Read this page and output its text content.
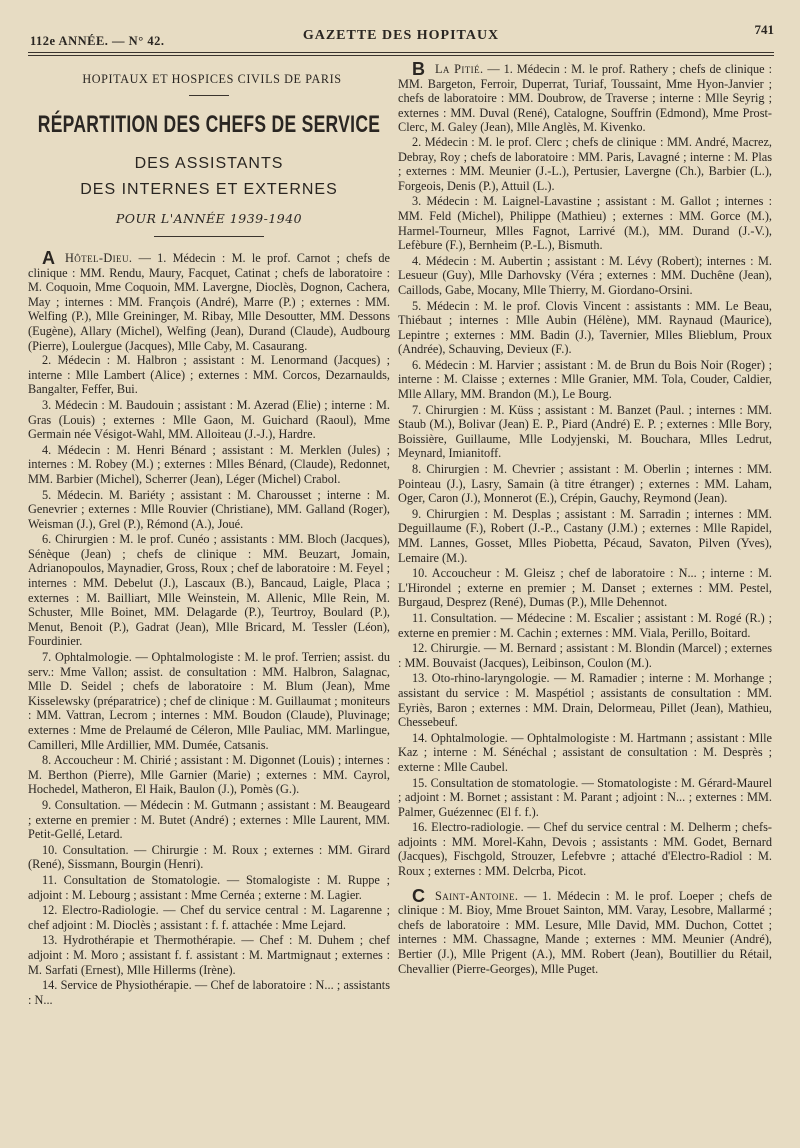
112e ANNÉE. — N° 42.	GAZETTE DES HOPITAUX	741
HOPITAUX ET HOSPICES CIVILS DE PARIS
RÉPARTITION DES CHEFS DE SERVICE
DES ASSISTANTS
DES INTERNES ET EXTERNES
POUR L'ANNÉE 1939-1940

A Hôtel-Dieu. — 1. Médecin : M. le prof. Carnot ; chefs de clinique : MM. Rendu, Maury, Facquet, Catinat ; chefs de laboratoire : M. Coquoin, Mme Coquoin, MM. Lavergne, Dioclès, Dognon, Cachera, May ; internes : MM. François (André), Marre (P.) ; externes : MM. Welfing (P.), Mlle Greininger, M. Ribay, Mlle Desoutter, MM. Dessons (Eugène), Allary (Michel), Welfing (Jean), Durand (Claude), Audbourg (Pierre), Loulergue (Jacques), Mlle Caby, M. Casaurang.

2. Médecin : M. Halbron ; assistant : M. Lenormand (Jacques) ; interne : Mlle Lambert (Alice) ; externes : MM. Corcos, Dezarnaulds, Bangalter, Feffer, Bui.

3. Médecin : M. Baudouin ; assistant : M. Azerad (Elie) ; interne : M. Gras (Louis) ; externes : Mlle Gaon, M. Guichard (Raoul), Mme Germain née Vésigot-Wahl, MM. Alloiteau (J.-J.), Hardre.

4. Médecin : M. Henri Bénard ; assistant : M. Merklen (Jules) ; internes : M. Robey (M.) ; externes : Mlles Bénard, (Claude), Redonnet, MM. Barbier (Michel), Scherrer (Jean), Léger (Michel) Crabol.

5. Médecin. M. Bariéty ; assistant : M. Charousset ; interne : M. Genevrier ; externes : Mlle Rouvier (Christiane), MM. Galland (Roger), Weisman (J.), Grel (P.), Rémond (A.), Joué.

6. Chirurgien : M. le prof. Cunéo ; assistants : MM. Bloch (Jacques), Sénèque (Jean) ; chefs de clinique : MM. Beuzart, Jomain, Adrianopoulos, Maynadier, Gross, Roux ; chef de laboratoire : M. Feyel ; internes : MM. Debelut (J.), Lascaux (B.), Bancaud, Laigle, Placa ; externes : M. Bailliart, Mlle Weinstein, M. Allenic, Mlle Rein, M. Schuster, Mlle Boinet, MM. Delagarde (P.), Teurtroy, Boulard (P.), Menut, Benoit (P.), Gadrat (Jean), Mlle Bricard, M. Tessler (Léon), Fourdinier.

7. Ophtalmologie. — Ophtalmologiste : M. le prof. Terrien; assist. du serv.: Mme Vallon; assist. de consultation : MM. Halbron, Salagnac, Mlle D. Seidel ; chefs de laboratoire : M. Blum (Jean), Mme Kisselewsky (préparatrice) ; chef de clinique : M. Guillaumat ; moniteurs : MM. Vattran, Lecrom ; internes : MM. Boudon (Claude), Pluvinage; externes : Mme de Prelaumé de Céleron, Mlle Pauliac, MM. Marlingue, Camilleri, Mlle Ardillier, MM. Dumée, Catsanis.

8. Accoucheur : M. Chirié ; assistant : M. Digonnet (Louis) ; internes : M. Berthon (Pierre), Mlle Garnier (Marie) ; externes : MM. Cayrol, Hochedel, Matheron, El Haik, Baulon (J.), Pomès (G.).

9. Consultation. — Médecin : M. Gutmann ; assistant : M. Beaugeard ; externe en premier : M. Butet (André) ; externes : Mlle Laurent, MM. Petit-Gellé, Letard.

10. Consultation. — Chirurgie : M. Roux ; externes : MM. Girard (René), Sissmann, Bourgin (Henri).

11. Consultation de Stomatologie. — Stomalogiste : M. Ruppe ; adjoint : M. Lebourg ; assistant : Mme Cernéa ; externe : M. Lagier.

12. Electro-Radiologie. — Chef du service central : M. Lagarenne ; chef adjoint : M. Dioclès ; assistant : f. f. attachée : Mme Lejard.

13. Hydrothérapie et Thermothérapie. — Chef : M. Duhem ; chef adjoint : M. Moro ; assistant f. f. assistant : M. Martmignaut ; externes : M. Sarfati (Ernest), Mlle Hillerms (Irène).

14. Service de Physiothérapie. — Chef de laboratoire : N... ; assistants : N...

B La Pitié. — 1. Médecin : M. le prof. Rathery ; chefs de clinique : MM. Bargeton, Ferroir, Duperrat, Turiaf, Toussaint, Mme Hyon-Janvier ; chefs de laboratoire : MM. Doubrow, de Traverse ; interne : Mlle Seyrig ; externes : MM. Duval (René), Catalogne, Souffrin (Edmond), Mme Prost-Clerc, M. Galey (Jean), Mlle Anglès, M. Kivenko.

2. Médecin : M. le prof. Clerc ; chefs de clinique : MM. André, Macrez, Debray, Roy ; chefs de laboratoire : MM. Paris, Lavagné ; interne : M. Plas ; externes : MM. Meunier (J.-L.), Pertusier, Lavergne (Ch.), Barbier (L.), Forgeois, Denis (P.), Attuil (L.).

3. Médecin : M. Laignel-Lavastine ; assistant : M. Gallot ; internes : MM. Feld (Michel), Philippe (Mathieu) ; externes : MM. Gorce (M.), Harmel-Tourneur, Mlles Fagnot, Larrivé (M.), MM. Durand (J.-V.), Lefèbure (F.), Bernheim (P.-L.), Bismuth.

4. Médecin : M. Aubertin ; assistant : M. Lévy (Robert); internes : M. Lesueur (Guy), Mlle Darhovsky (Véra ; externes : MM. Duchêne (Jean), Caillods, Gabe, Mocany, Mlle Thierry, M. Giordano-Orsini.

5. Médecin : M. le prof. Clovis Vincent : assistants : MM. Le Beau, Thiébaut ; internes : Mlle Aubin (Hélène), MM. Raynaud (Maurice), Lepintre ; externes : MM. Badin (J.), Tavernier, Mlles Blieblum, Proux (Andrée), Schauving, Devieux (F.).

6. Médecin : M. Harvier ; assistant : M. de Brun du Bois Noir (Roger) ; interne : M. Claisse ; externes : Mlle Granier, MM. Tola, Couder, Caldier, Mlle Allary, MM. Brandon (M.), Le Bourg.

7. Chirurgien : M. Küss ; assistant : M. Banzet (Paul. ; internes : MM. Staub (M.), Bolivar (Jean) E. P., Piard (André) E. P. ; externes : Mlle Bory, Boissière, Guillaume, Mlle Lodyjenski, M. Bouchara, Mlles Ledrut, Meynard, Imianitoff.

8. Chirurgien : M. Chevrier ; assistant : M. Oberlin ; internes : MM. Pointeau (J.), Lasry, Samain (à titre étranger) ; externes : MM. Laham, Oger, Caron (J.), Monnerot (E.), Crépin, Gauchy, Reymond (Jean).

9. Chirurgien : M. Desplas ; assistant : M. Sarradin ; internes : MM. Deguillaume (F.), Robert (J.-P.., Castany (J.M.) ; externes : Mlle Rapidel, MM. Lannes, Gosset, Mlles Piobetta, Pécaud, Savaton, Pilven (Yves), Lemaire (M.).

10. Accoucheur : M. Gleisz ; chef de laboratoire : N... ; interne : M. L'Hirondel ; externe en premier ; M. Danset ; externes : MM. Pestel, Burgaud, Desprez (René), Dumas (P.), Mlle Dehennot.

11. Consultation. — Médecine : M. Escalier ; assistant : M. Rogé (R.) ; externe en premier : M. Cachin ; externes : MM. Viala, Perillo, Boitard.

12. Chirurgie. — M. Bernard ; assistant : M. Blondin (Marcel) ; externes : MM. Bouvaist (Jacques), Leibinson, Coulon (M.).

13. Oto-rhino-laryngologie. — M. Ramadier ; interne : M. Morhange ; assistant du service : M. Maspétiol ; assistants de consultation : MM. Eyriès, Baron ; externes : MM. Drain, Delormeau, Pillet (Jean), Mathieu, Chessebeuf.

14. Ophtalmologie. — Ophtalmologiste : M. Hartmann ; assistant : Mlle Kaz ; interne : M. Sénéchal ; assistant de consultation : M. Desprès ; externe : Mlle Caubel.

15. Consultation de stomatologie. — Stomatologiste : M. Gérard-Maurel ; adjoint : M. Bornet ; assistant : M. Parant ; adjoint : N... ; externes : MM. Palmer, Guézennec (El f. f.).

16. Electro-radiologie. — Chef du service central : M. Delherm ; chefs-adjoints : MM. Morel-Kahn, Devois ; assistants : MM. Godet, Bernard (Jacques), Fischgold, Strouzer, Lefebvre ; attaché d'Electro-Radiol : M. Roux ; externes : MM. Delcrba, Picot.

C Saint-Antoine. — 1. Médecin : M. le prof. Loeper ; chefs de clinique : M. Bioy, Mme Brouet Sainton, MM. Varay, Lesobre, Mallarmé ; chefs de laboratoire : MM. Lesure, Mlle David, MM. Duchon, Cottet ; internes : MM. Chassagne, Mande ; externes : MM. Meunier (André), Bertier (J.), Mlle Prigent (A.), MM. Robert (Jean), Boutillier du Rétail, Chevallier (Pierre-Georges), Mlle Puget.
